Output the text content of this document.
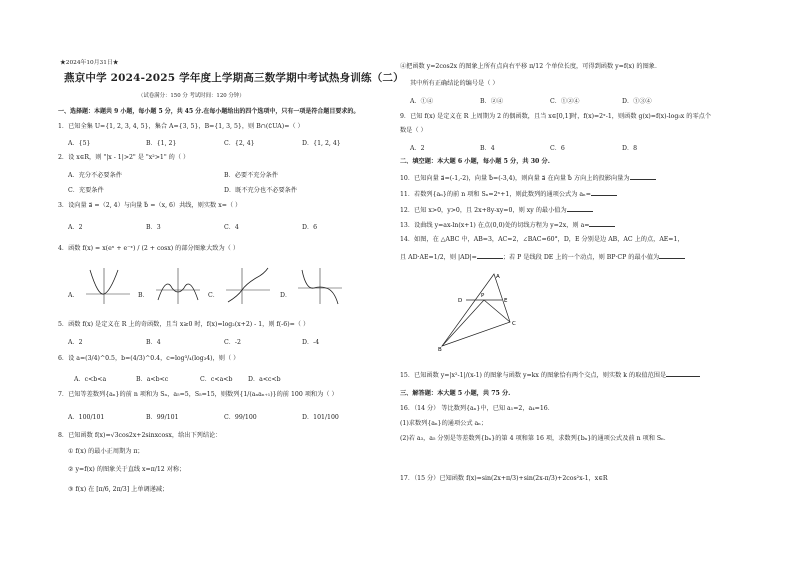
★2024年10月31日★
燕京中学 2024-2025 学年度上学期高三数学期中考试热身训练（二）
（试卷满分：150 分 考试时间：120 分钟）
一、选择题：本题共 9 小题，每小题 5 分，共 45 分.在每小题给出的四个选项中，只有一项是符合题目要求的。
1．已知全集 U={1, 2, 3, 4, 5}，集合 A={3, 5}，B={1, 3, 5}，则 B∩(∁UA)=（ ）
A．{5}	B．{1, 2}	C．{2, 4}	D．{1, 2, 4}
2．设 x∈R，则 "|x - 1|>2" 是 "x²>1" 的（ ）
A．充分不必要条件	B．必要不充分条件
C．充要条件	D．既不充分也不必要条件
3．设向量 a⃗ =（2, 4）与向量 b⃗ =（x, 6）共线，则实数 x=（ ）
A．2	B．3	C．4	D．6
4．函数 f(x) = x(eˣ + e⁻ˣ) / (2 + cosx) 的部分图象大致为（ ）
A．	B．	C．	D．
5．函数 f(x) 是定义在 R 上的奇函数，且当 x≥0 时，f(x)=log₂(x+2) - 1，则 f(-6)=（ ）
A．2	B．4	C．-2	D．-4
6．设 a=(3/4)^0.5，b=(4/3)^0.4，c=log³/₄(log₃4)，则（ ）
A．c<b<a	B．a<b<c	C．c<a<b	D．a<c<b
7．已知等差数列{aₙ}的前 n 项和为 Sₙ，a₅=5，S₅=15，则数列{1/(aₙaₙ₊₁)}的前 100 项和为（ ）
A．100/101	B．99/101	C．99/100	D．101/100
8．已知函数 f(x)=√3cos2x+2sinxcosx，给出下列结论：
① f(x) 的最小正周期为 π；
② y=f(x) 的图象关于直线 x=π/12 对称；
③ f(x) 在 [π/6, 2π/3] 上单调递减；
④把函数 y=2cos2x 的图象上所有点向右平移 π/12 个单位长度，可得到函数 y=f(x) 的图象．
其中所有正确结论的编号是（ ）
A．①④	B．②④	C．①②④	D．①③④
9．已知 f(x) 是定义在 R 上周期为 2 的偶函数，且当 x∈[0,1]时，f(x)=2ˣ-1，则函数 g(x)=f(x)-log₅x 的零点个
数是（ ）
A．2	B．4	C．6	D．8
二、填空题：本大题 6 小题，每小题 5 分，共 30 分.
10．已知向量 a⃗=(-1,-2)，向量 b⃗=(-3,4)，则向量 a⃗ 在向量 b⃗ 方向上的投影向量为
11．若数列{aₙ}的前 n 项和 Sₙ=2ⁿ+1，则此数列的通项公式为 aₙ=
12．已知 x>0，y>0，且 2x+8y-xy=0，则 xy 的最小值为
13．设曲线 y=ax-ln(x+1) 在点(0,0)处的切线方程为 y=2x，则 a=
14．如图，在 △ABC 中，AB=3，AC=2，∠BAC=60°，D，E 分别是边 AB，AC 上的点，AE=1，
且 AD·AE=1/2，则 |AD|=	；若 P 是线段 DE 上的一个动点，则 BP·CP 的最小值为
A
D
P
E
B
C
15．已知函数 y=|x²-1|/(x-1) 的图象与函数 y=kx 的图象恰有两个交点，则实数 k 的取值范围是
三、解答题：本大题 5 小题，共 75 分.
16．（14 分） 等比数列{aₙ}中，已知 a₁=2，a₄=16．
(1)求数列{aₙ}的通项公式 aₙ；
(2)若 a₃，a₅ 分别是等差数列{bₙ}的第 4 项和第 16 项，求数列{bₙ}的通项公式及前 n 项和 Sₙ．
17．（15 分）已知函数 f(x)=sin(2x+π/3)+sin(2x-π/3)+2cos²x-1，x∈R
